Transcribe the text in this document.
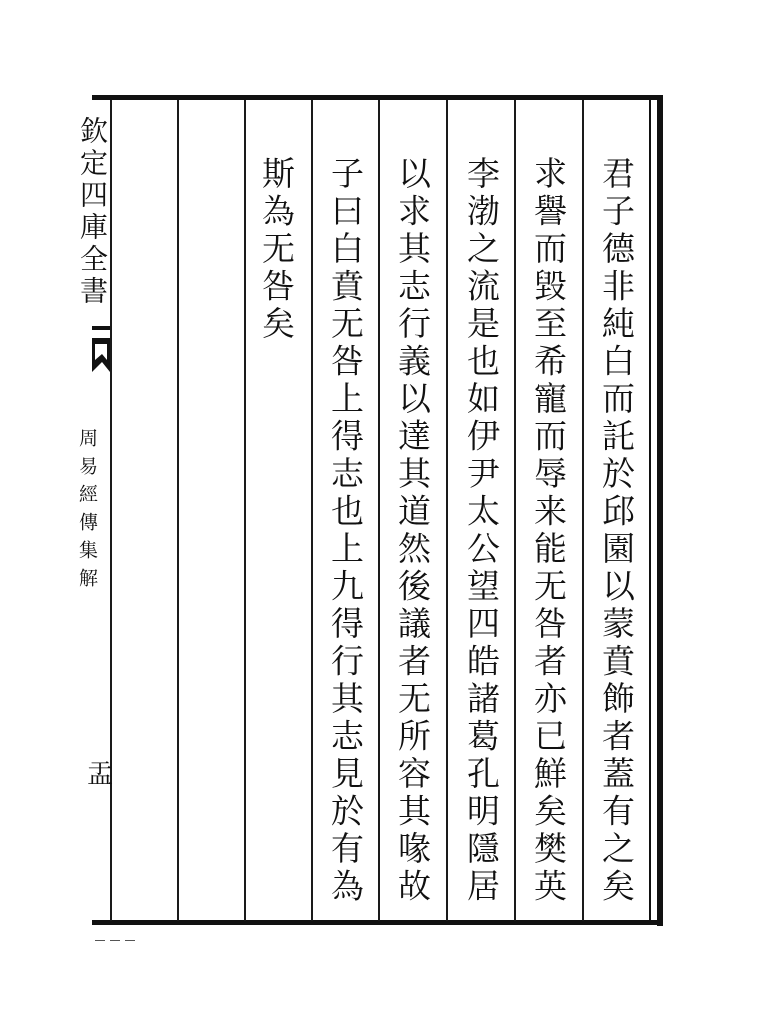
君子德非純白而託於邱園以蒙賁飾者蓋有之矣
求譽而毀至希寵而辱来能无咎者亦已鮮矣樊英
李渤之流是也如伊尹太公望四皓諸葛孔明隱居
以求其志行義以達其道然後議者无所容其喙故
子曰白賁无咎上得志也上九得行其志見於有為
斯為无咎矣
欽定四庫全書
周易經傳集解
盂
